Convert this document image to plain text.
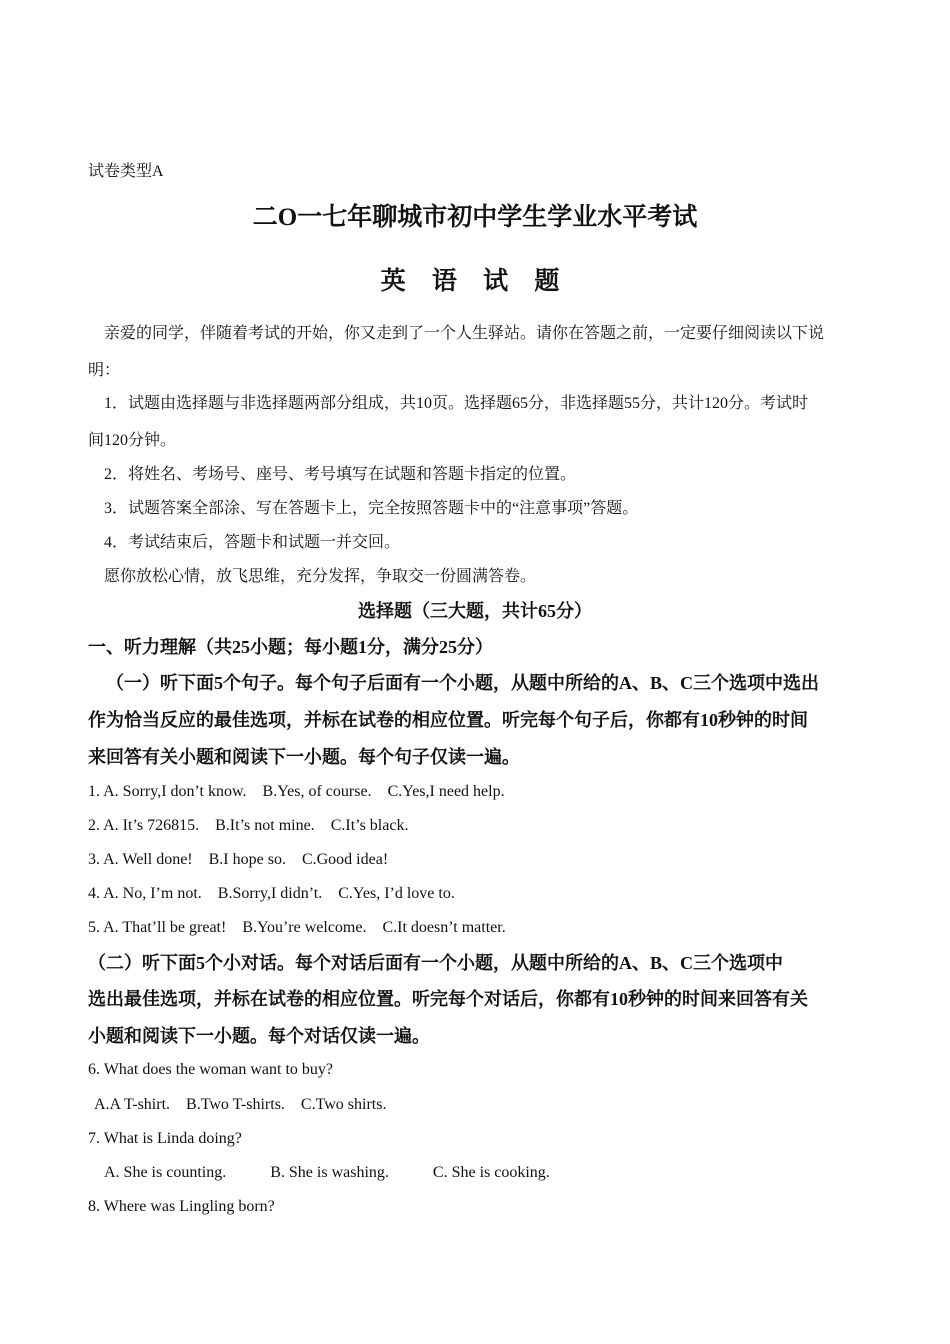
试卷类型A
二O一七年聊城市初中学生学业水平考试
英 语 试 题
亲爱的同学，伴随着考试的开始，你又走到了一个人生驿站。请你在答题之前，一定要仔细阅读以下说
明：
1．试题由选择题与非选择题两部分组成，共10页。选择题65分，非选择题55分，共计120分。考试时
间120分钟。
2．将姓名、考场号、座号、考号填写在试题和答题卡指定的位置。
3．试题答案全部涂、写在答题卡上，完全按照答题卡中的“注意事项”答题。
4．考试结束后，答题卡和试题一并交回。
愿你放松心情，放飞思维，充分发挥，争取交一份圆满答卷。
选择题（三大题，共计65分）
一、听力理解（共25小题；每小题1分，满分25分）
（一）听下面5个句子。每个句子后面有一个小题，从题中所给的A、B、C三个选项中选出
作为恰当反应的最佳选项，并标在试卷的相应位置。听完每个句子后，你都有10秒钟的时间
来回答有关小题和阅读下一小题。每个句子仅读一遍。
1. A. Sorry,I don’t know. B.Yes, of course. C.Yes,I need help.
2. A. It’s 726815. B.It’s not mine. C.It’s black.
3. A. Well done! B.I hope so. C.Good idea!
4. A. No, I’m not. B.Sorry,I didn’t. C.Yes, I’d love to.
5. A. That’ll be great! B.You’re welcome. C.It doesn’t matter.
（二）听下面5个小对话。每个对话后面有一个小题，从题中所给的A、B、C三个选项中
选出最佳选项，并标在试卷的相应位置。听完每个对话后，你都有10秒钟的时间来回答有关
小题和阅读下一小题。每个对话仅读一遍。
6. What does the woman want to buy?
A.A T-shirt. B.Two T-shirts. C.Two shirts.
7. What is Linda doing?
A. She is counting.	B. She is washing.	C. She is cooking.
8. Where was Lingling born?
